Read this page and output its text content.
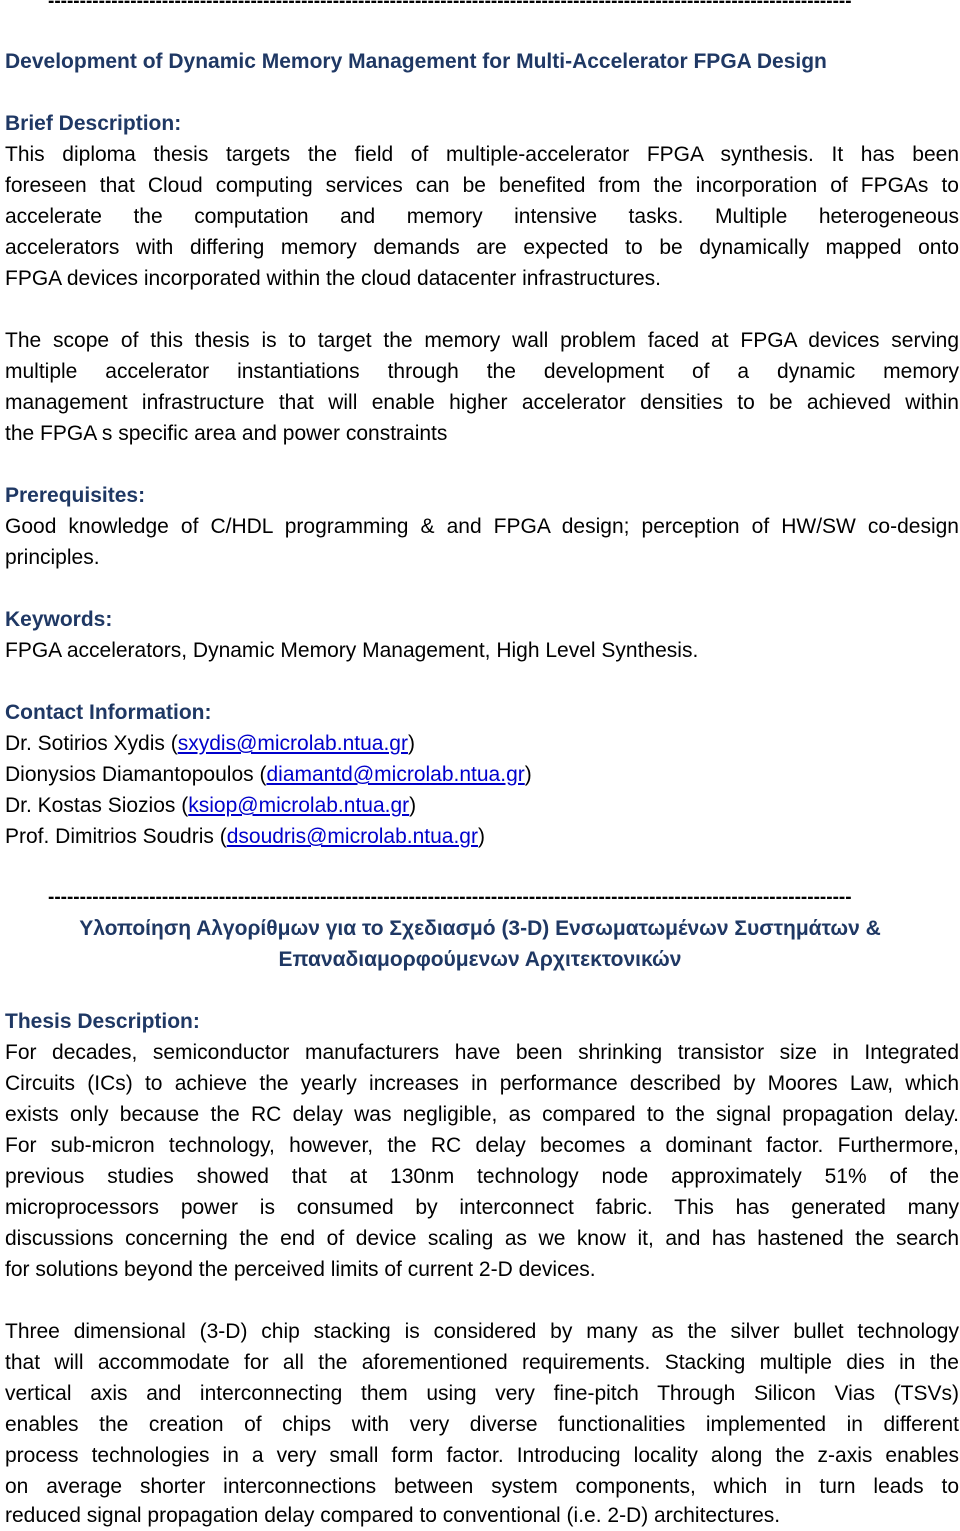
-------------------------------------------------------------------------------------------------------------------------------
Development of Dynamic Memory Management for Multi-Accelerator FPGA Design
Brief Description:
This diploma thesis targets the field of multiple-accelerator FPGA synthesis. It has been
foreseen that Cloud computing services can be benefited from the incorporation of FPGAs to
accelerate the computation and memory intensive tasks. Multiple heterogeneous
accelerators with differing memory demands are expected to be dynamically mapped onto
FPGA devices incorporated within the cloud datacenter infrastructures.
The scope of this thesis is to target the memory wall problem faced at FPGA devices serving
multiple accelerator instantiations through the development of a dynamic memory
management infrastructure that will enable higher accelerator densities to be achieved within
the FPGA s specific area and power constraints
Prerequisites:
Good knowledge of C/HDL programming & and FPGA design; perception of HW/SW co-design
principles.
Keywords:
FPGA accelerators, Dynamic Memory Management, High Level Synthesis.
Contact Information:
Dr. Sotirios Xydis (sxydis@microlab.ntua.gr)
Dionysios Diamantopoulos (diamantd@microlab.ntua.gr)
Dr. Kostas Siozios (ksiop@microlab.ntua.gr)
Prof. Dimitrios Soudris (dsoudris@microlab.ntua.gr)
-------------------------------------------------------------------------------------------------------------------------------
Υλοποίηση Αλγορίθμων για το Σχεδιασμό (3-D) Ενσωματωμένων Συστημάτων &
Επαναδιαμορφούμενων Αρχιτεκτονικών
Thesis Description:
For decades, semiconductor manufacturers have been shrinking transistor size in Integrated
Circuits (ICs) to achieve the yearly increases in performance described by Moores Law, which
exists only because the RC delay was negligible, as compared to the signal propagation delay.
For sub-micron technology, however, the RC delay becomes a dominant factor. Furthermore,
previous studies showed that at 130nm technology node approximately 51% of the
microprocessors power is consumed by interconnect fabric. This has generated many
discussions concerning the end of device scaling as we know it, and has hastened the search
for solutions beyond the perceived limits of current 2-D devices.
Three dimensional (3-D) chip stacking is considered by many as the silver bullet technology
that will accommodate for all the aforementioned requirements. Stacking multiple dies in the
vertical axis and interconnecting them using very fine-pitch Through Silicon Vias (TSVs)
enables the creation of chips with very diverse functionalities implemented in different
process technologies in a very small form factor. Introducing locality along the z-axis enables
on average shorter interconnections between system components, which in turn leads to
reduced signal propagation delay compared to conventional (i.e. 2-D) architectures.
